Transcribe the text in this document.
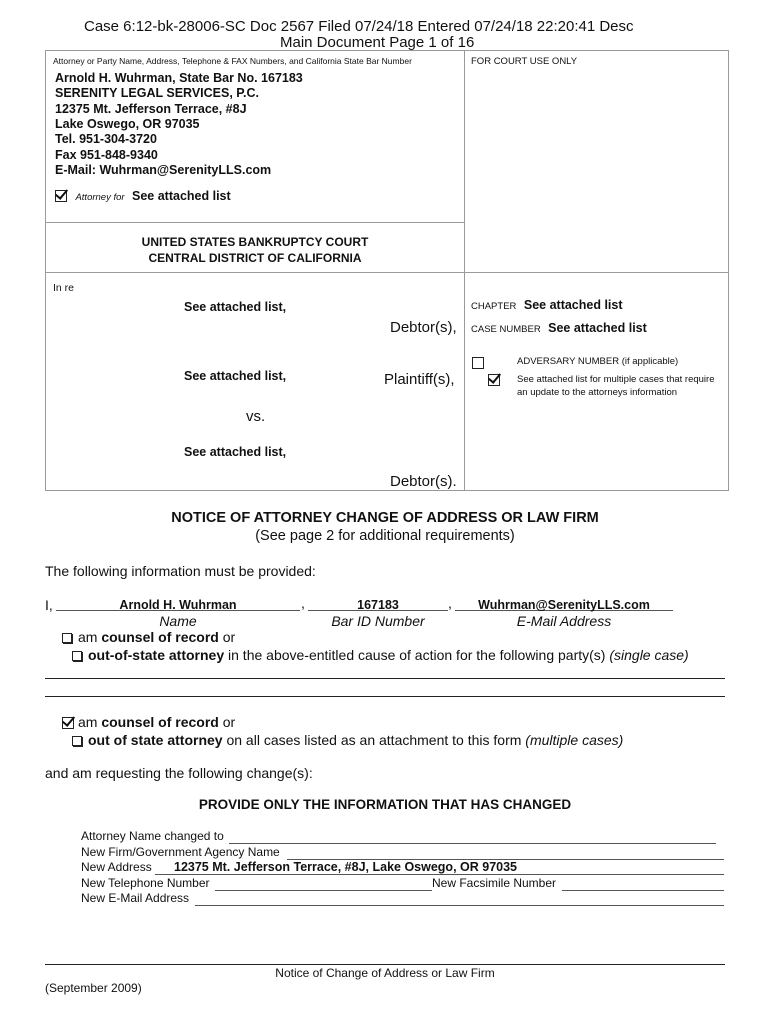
Case 6:12-bk-28006-SC Doc 2567 Filed 07/24/18 Entered 07/24/18 22:20:41 Desc
Main Document Page 1 of 16
Attorney or Party Name, Address, Telephone & FAX Numbers, and California State Bar Number	FOR COURT USE ONLY
Arnold H. Wuhrman, State Bar No. 167183
SERENITY LEGAL SERVICES, P.C.
12375 Mt. Jefferson Terrace, #8J
Lake Oswego, OR 97035
Tel. 951-304-3720
Fax 951-848-9340
E-Mail: Wuhrman@SerenityLLS.com
Attorney for See attached list
UNITED STATES BANKRUPTCY COURT
CENTRAL DISTRICT OF CALIFORNIA
In re
See attached list,
Debtor(s),
See attached list,	Plaintiff(s),
vs.
See attached list,
Debtor(s).
CHAPTER See attached list
CASE NUMBER See attached list

ADVERSARY NUMBER (if applicable)
See attached list for multiple cases that require
an update to the attorneys information
NOTICE OF ATTORNEY CHANGE OF ADDRESS OR LAW FIRM
(See page 2 for additional requirements)
The following information must be provided:
I,	Arnold H. Wuhrman	,	167183	,	Wuhrman@SerenityLLS.com
Name	Bar ID Number	E-Mail Address
am counsel of record or
out-of-state attorney in the above-entitled cause of action for the following party(s) (single case)
am counsel of record or
out of state attorney on all cases listed as an attachment to this form (multiple cases)
and am requesting the following change(s):
PROVIDE ONLY THE INFORMATION THAT HAS CHANGED
Attorney Name changed to
New Firm/Government Agency Name
New Address 12375 Mt. Jefferson Terrace, #8J, Lake Oswego, OR 97035
New Telephone Number	New Facsimile Number
New E-Mail Address
Notice of Change of Address or Law Firm
(September 2009)
